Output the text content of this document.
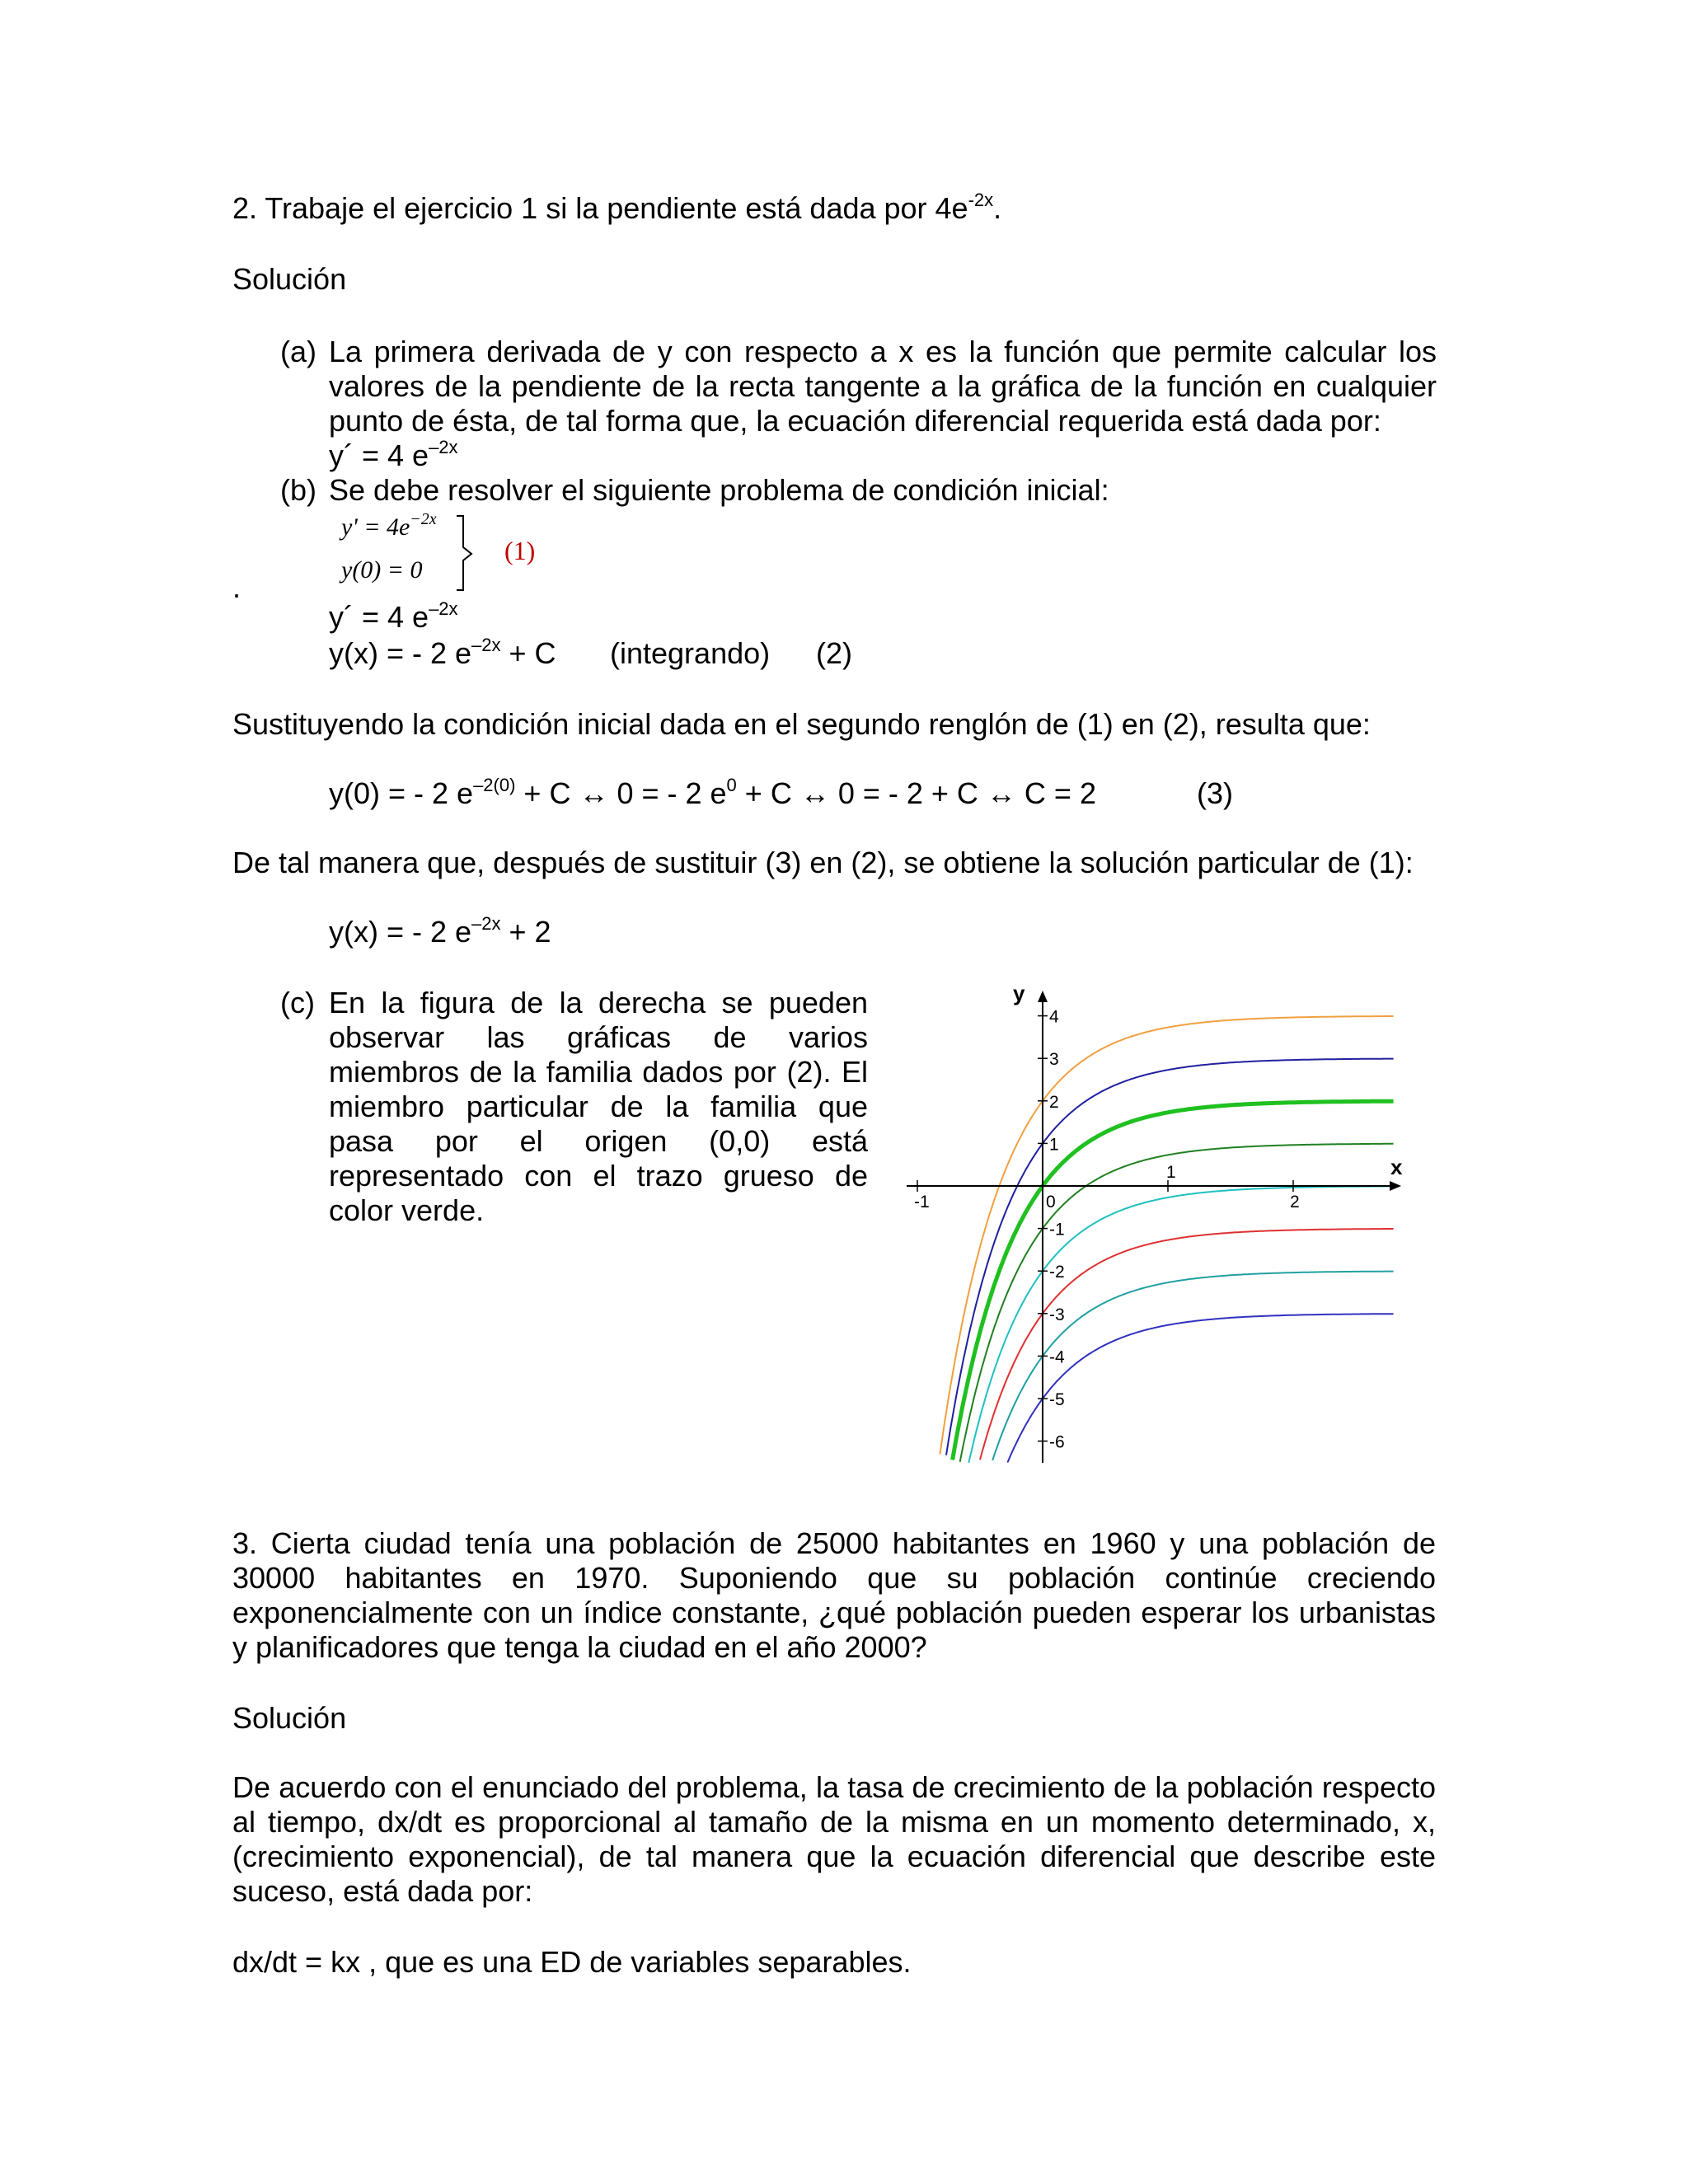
2. Trabaje el ejercicio 1 si la pendiente está dada por $4e^{-2x}$.
Solución
(a) La primera derivada de y con respecto a x es la función que permite calcular los valores de la pendiente de la recta tangente a la gráfica de la función en cualquier punto de ésta, de tal forma que, la ecuación diferencial requerida está dada por:
y´ = 4 $e^{-2x}$
(b) Se debe resolver el siguiente problema de condición inicial:
$y' = 4e^{-2x}$
y(0) = 0
(1)
.
y´ = 4 $e^{-2x}$
y(x) = - 2 $e^{-2x} + C$ (integrando) (2)
Sustituyendo la condición inicial dada en el segundo renglón de (1) en (2), resulta que:
y(0) = - 2 $e^{-2(0)} + C$ ↔ 0 = - 2 $e^0 + C$ ↔ 0 = - 2 + C ↔ C = 2	(3)
De tal manera que, después de sustituir (3) en (2), se obtiene la solución particular de (1):
y(x) = - 2 $e^{-2x} + 2$
(c) En la figura de la derecha se pueden observar las gráficas de varios miembros de la familia dados por (2). El miembro particular de la familia que pasa por el origen (0,0) está representado con el trazo grueso de color verde.	-1	0
1
2
4
3
2
1
-1
-2
-3
-4
-5
-6
x
y
3. Cierta ciudad tenía una población de 25000 habitantes en 1960 y una población de 30000 habitantes en 1970. Suponiendo que su población continúe creciendo exponencialmente con un índice constante, ¿qué población pueden esperar los urbanistas y planificadores que tenga la ciudad en el año 2000?
Solución
De acuerdo con el enunciado del problema, la tasa de crecimiento de la población respecto al tiempo, dx/dt es proporcional al tamaño de la misma en un momento determinado, x, (crecimiento exponencial), de tal manera que la ecuación diferencial que describe este suceso, está dada por:
dx/dt = kx , que es una ED de variables separables.
